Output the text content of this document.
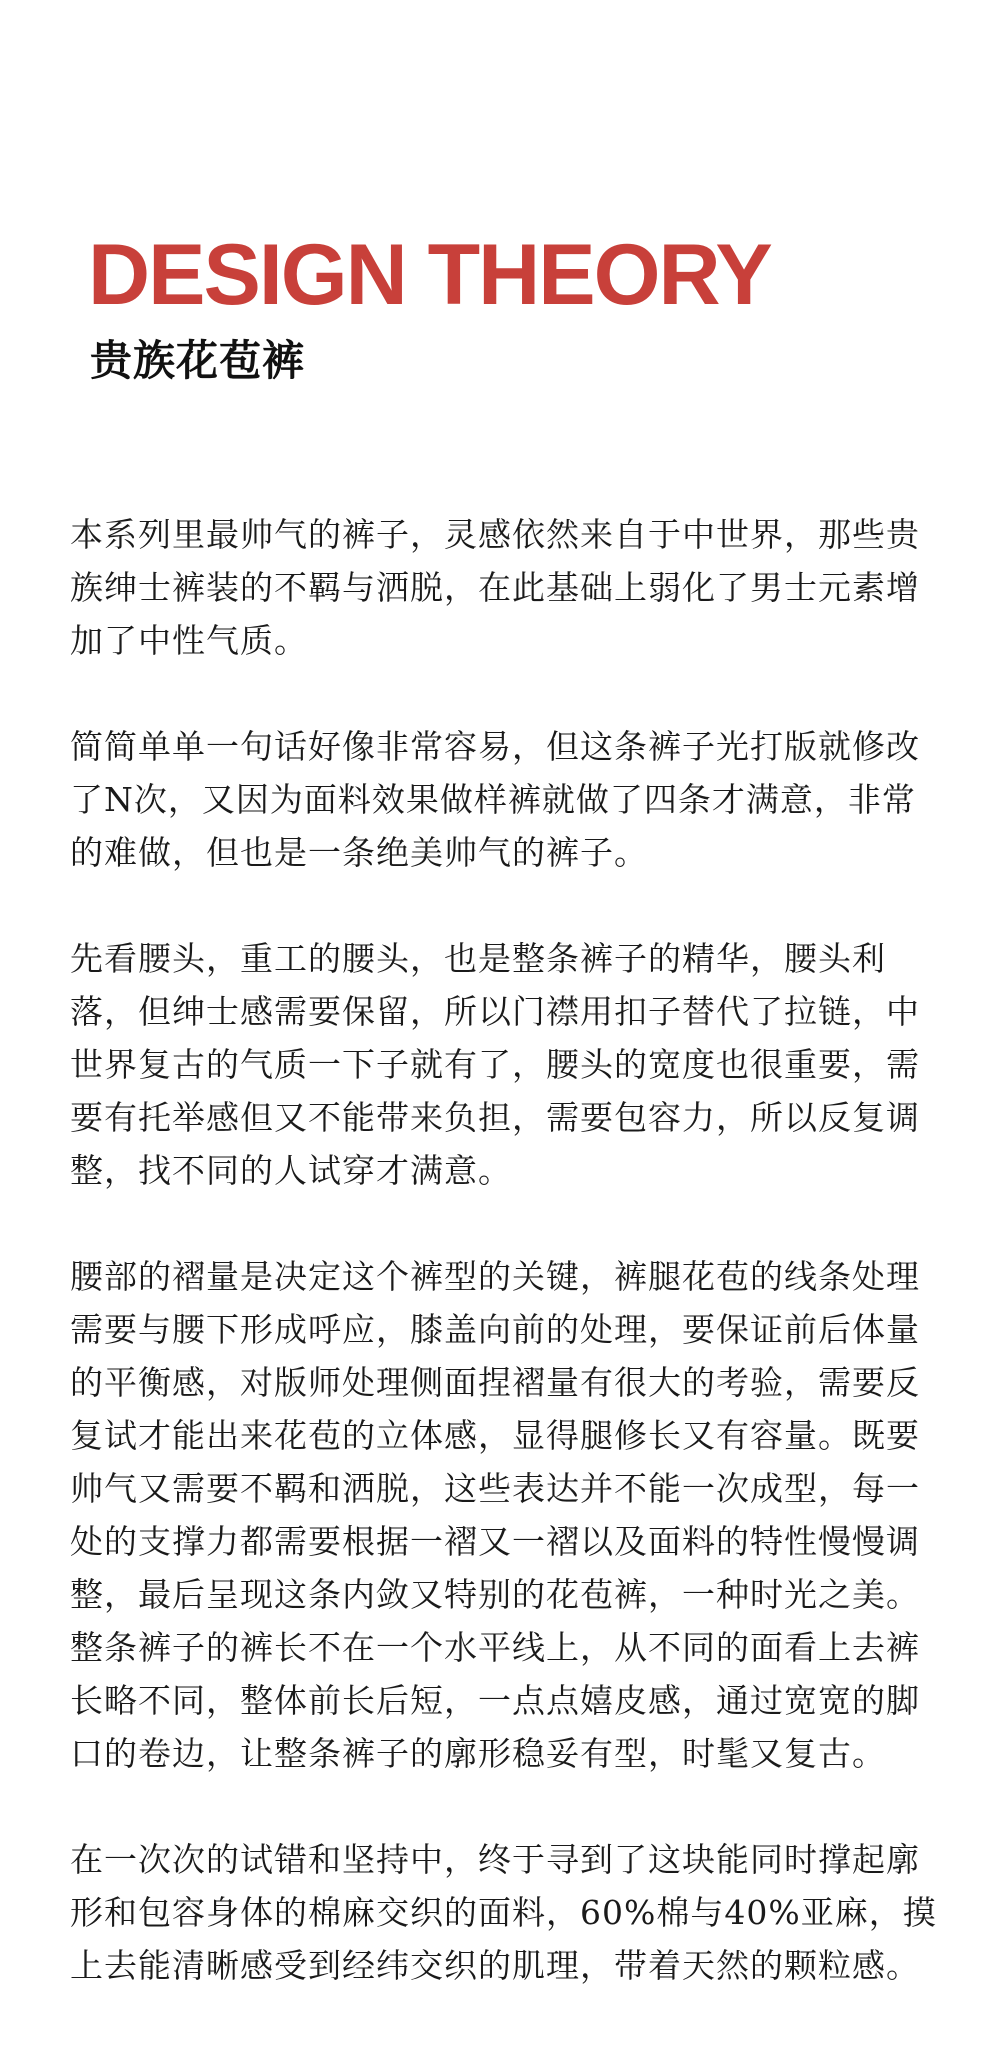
DESIGN THEORY
贵族花苞裤

本系列里最帅气的裤子，灵感依然来自于中世界，那些贵
族绅士裤装的不羁与洒脱，在此基础上弱化了男士元素增
加了中性气质。

简简单单一句话好像非常容易，但这条裤子光打版就修改
了N次，又因为面料效果做样裤就做了四条才满意，非常
的难做，但也是一条绝美帅气的裤子。

先看腰头，重工的腰头，也是整条裤子的精华，腰头利
落，但绅士感需要保留，所以门襟用扣子替代了拉链，中
世界复古的气质一下子就有了，腰头的宽度也很重要，需
要有托举感但又不能带来负担，需要包容力，所以反复调
整，找不同的人试穿才满意。

腰部的褶量是决定这个裤型的关键，裤腿花苞的线条处理
需要与腰下形成呼应，膝盖向前的处理，要保证前后体量
的平衡感，对版师处理侧面捏褶量有很大的考验，需要反
复试才能出来花苞的立体感，显得腿修长又有容量。既要
帅气又需要不羁和洒脱，这些表达并不能一次成型，每一
处的支撑力都需要根据一褶又一褶以及面料的特性慢慢调
整，最后呈现这条内敛又特别的花苞裤，一种时光之美。
整条裤子的裤长不在一个水平线上，从不同的面看上去裤
长略不同，整体前长后短，一点点嬉皮感，通过宽宽的脚
口的卷边，让整条裤子的廓形稳妥有型，时髦又复古。

在一次次的试错和坚持中，终于寻到了这块能同时撑起廓
形和包容身体的棉麻交织的面料，60%棉与40%亚麻，摸
上去能清晰感受到经纬交织的肌理，带着天然的颗粒感。
